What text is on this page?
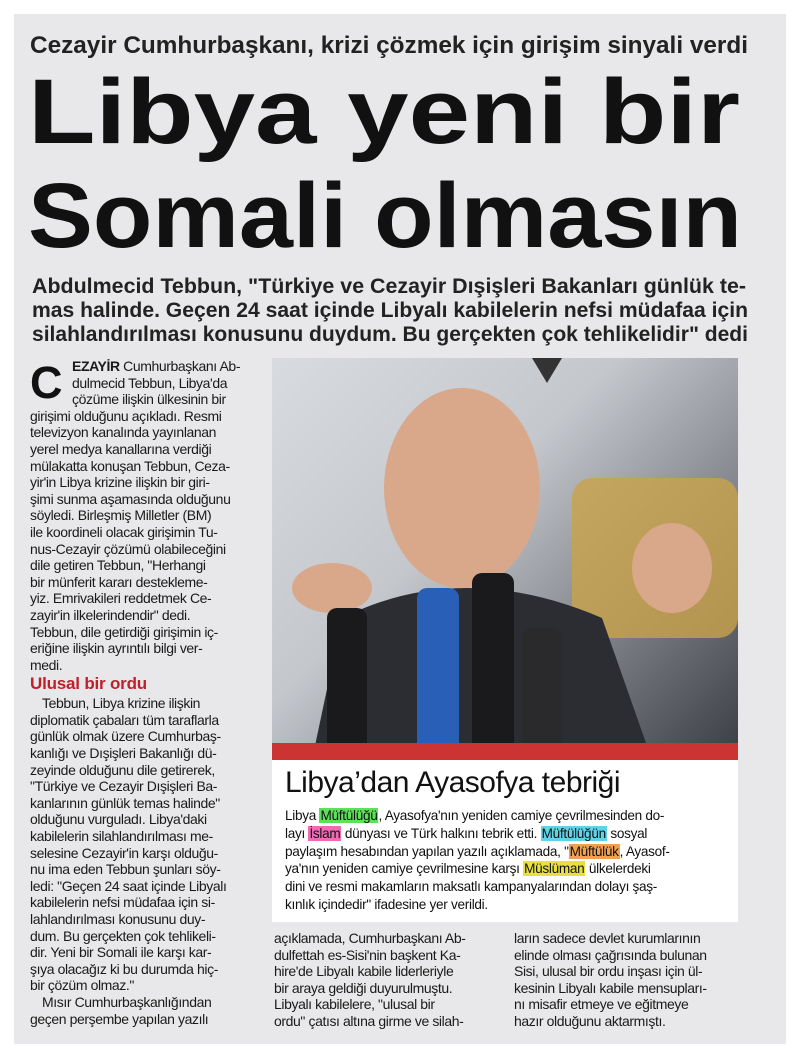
Cezayir Cumhurbaşkanı, krizi çözmek için girişim sinyali verdi
Libya yeni bir
Somali olmasın
Abdulmecid Tebbun, "Türkiye ve Cezayir Dışişleri Bakanları günlük te-
mas halinde. Geçen 24 saat içinde Libyalı kabilelerin nefsi müdafaa için
silahlandırılması konusunu duydum. Bu gerçekten çok tehlikelidir" dedi
C EZAYİR Cumhurbaşkanı Ab-
dulmecid Tebbun, Libya'da
çözüme ilişkin ülkesinin bir
girişimi olduğunu açıkladı. Resmi
televizyon kanalında yayınlanan
yerel medya kanallarına verdiği
mülakatta konuşan Tebbun, Ceza-
yir'in Libya krizine ilişkin bir giri-
şimi sunma aşamasında olduğunu
söyledi. Birleşmiş Milletler (BM)
ile koordineli olacak girişimin Tu-
nus-Cezayir çözümü olabileceğini
dile getiren Tebbun, "Herhangi
bir münferit kararı destekleme-
yiz. Emrivakileri reddetmek Ce-
zayir'in ilkelerindendir" dedi.
Tebbun, dile getirdiği girişimin iç-
eriğine ilişkin ayrıntılı bilgi ver-
medi.
Ulusal bir ordu
Tebbun, Libya krizine ilişkin
diplomatik çabaları tüm taraflarla
günlük olmak üzere Cumhurbaş-
kanlığı ve Dışişleri Bakanlığı dü-
zeyinde olduğunu dile getirerek,
"Türkiye ve Cezayir Dışişleri Ba-
kanlarının günlük temas halinde"
olduğunu vurguladı. Libya'daki
kabilelerin silahlandırılması me-
selesine Cezayir'in karşı olduğu-
nu ima eden Tebbun şunları söy-
ledi: "Geçen 24 saat içinde Libyalı
kabilelerin nefsi müdafaa için si-
lahlandırılması konusunu duy-
dum. Bu gerçekten çok tehlikeli-
dir. Yeni bir Somali ile karşı kar-
şıya olacağız ki bu durumda hiç-
bir çözüm olmaz."
Mısır Cumhurbaşkanlığından
geçen perşembe yapılan yazılı
Libya’dan Ayasofya tebriği
Libya Müftülüğü, Ayasofya'nın yeniden camiye çevrilmesinden do-
layı İslam dünyası ve Türk halkını tebrik etti. Müftülüğün sosyal
paylaşım hesabından yapılan yazılı açıklamada, "Müftülük, Ayasof-
ya'nın yeniden camiye çevrilmesine karşı Müslüman ülkelerdeki
dini ve resmi makamların maksatlı kampanyalarından dolayı şaş-
kınlık içindedir" ifadesine yer verildi.
açıklamada, Cumhurbaşkanı Ab-
dulfettah es-Sisi'nin başkent Ka-
hire'de Libyalı kabile liderleriyle
bir araya geldiği duyurulmuştu.
Libyalı kabilelere, "ulusal bir
ordu" çatısı altına girme ve silah-
ların sadece devlet kurumlarının
elinde olması çağrısında bulunan
Sisi, ulusal bir ordu inşası için ül-
kesinin Libyalı kabile mensupları-
nı misafir etmeye ve eğitmeye
hazır olduğunu aktarmıştı.
